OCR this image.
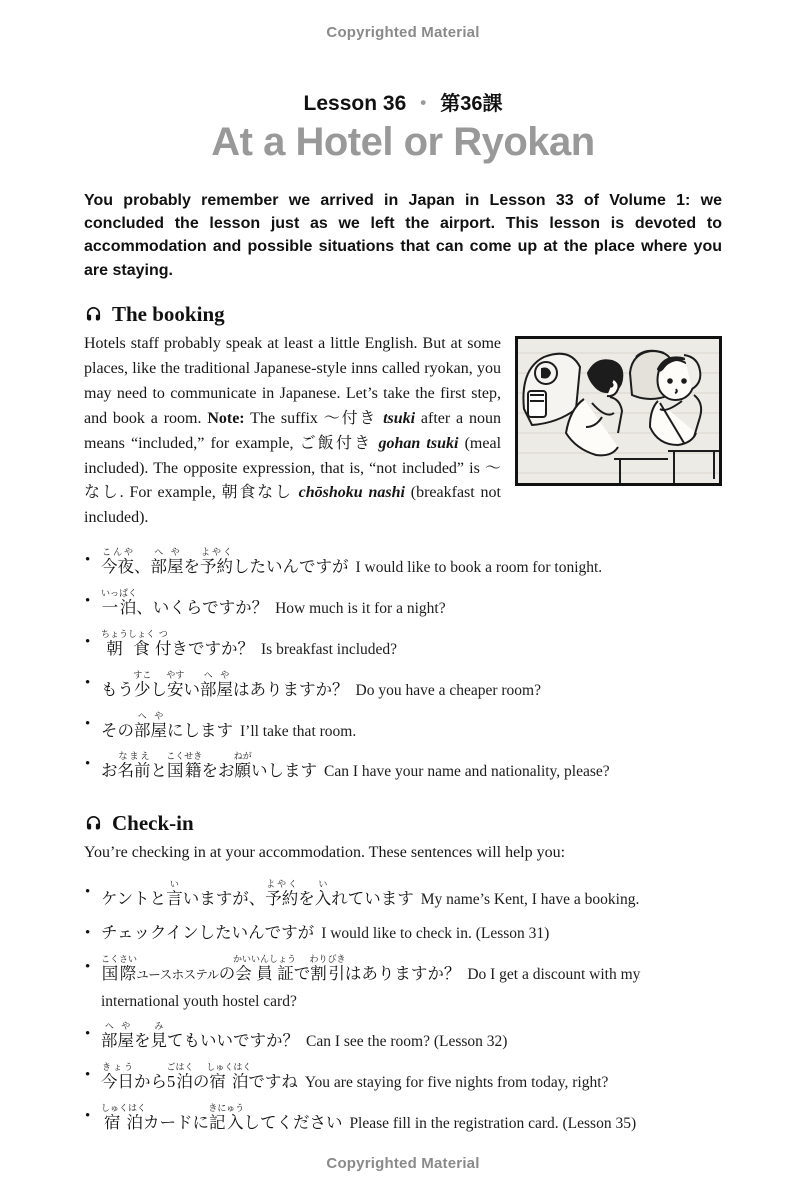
Copyrighted Material
Lesson 36 • 第36課
At a Hotel or Ryokan

You probably remember we arrived in Japan in Lesson 33 of Volume 1: we concluded the lesson just as we left the airport. This lesson is devoted to accommodation and possible situations that can come up at the place where you are staying.

The booking

Hotels staff probably speak at least a little English. But at some places, like the traditional Japanese-style inns called ryokan, you may need to communicate in Japanese. Let’s take the first step, and book a room. Note: The suffix 〜付き tsuki after a noun means “included,” for example, ご飯付き gohan tsuki (meal included). The opposite expression, that is, “not included” is 〜なし. For example, 朝食なし chōshoku nashi (breakfast not included).

• 今夜こんや、部屋へやを予約よやくしたいんですが I would like to book a room for tonight.
• 一泊いっぱく、いくらですか？ How much is it for a night?
• 朝食ちょうしょく付つきですか？ Is breakfast included?
• もう少すこし安やすい部屋へやはありますか？ Do you have a cheaper room?
• その部屋へやにします I’ll take that room.
• お名前なまえと国籍こくせきをお願ねがいします Can I have your name and nationality, please?
Check-in

You’re checking in at your accommodation. These sentences will help you:

• ケントと言いいますが、予約よやくを入いれています My name’s Kent, I have a booking.
• チェックインしたいんですが I would like to check in. (Lesson 31)
• 国際こくさいユースホステルの会員証かいいんしょうで割引わりびきはありますか？ Do I get a discount with my international youth hostel card?
• 部屋へやを見みてもいいですか？ Can I see the room? (Lesson 32)
• 今日きょうから5泊ごはくの宿泊しゅくはくですね You are staying for five nights from today, right?
• 宿泊しゅくはくカードに記入きにゅうしてください Please fill in the registration card. (Lesson 35)
Copyrighted Material
